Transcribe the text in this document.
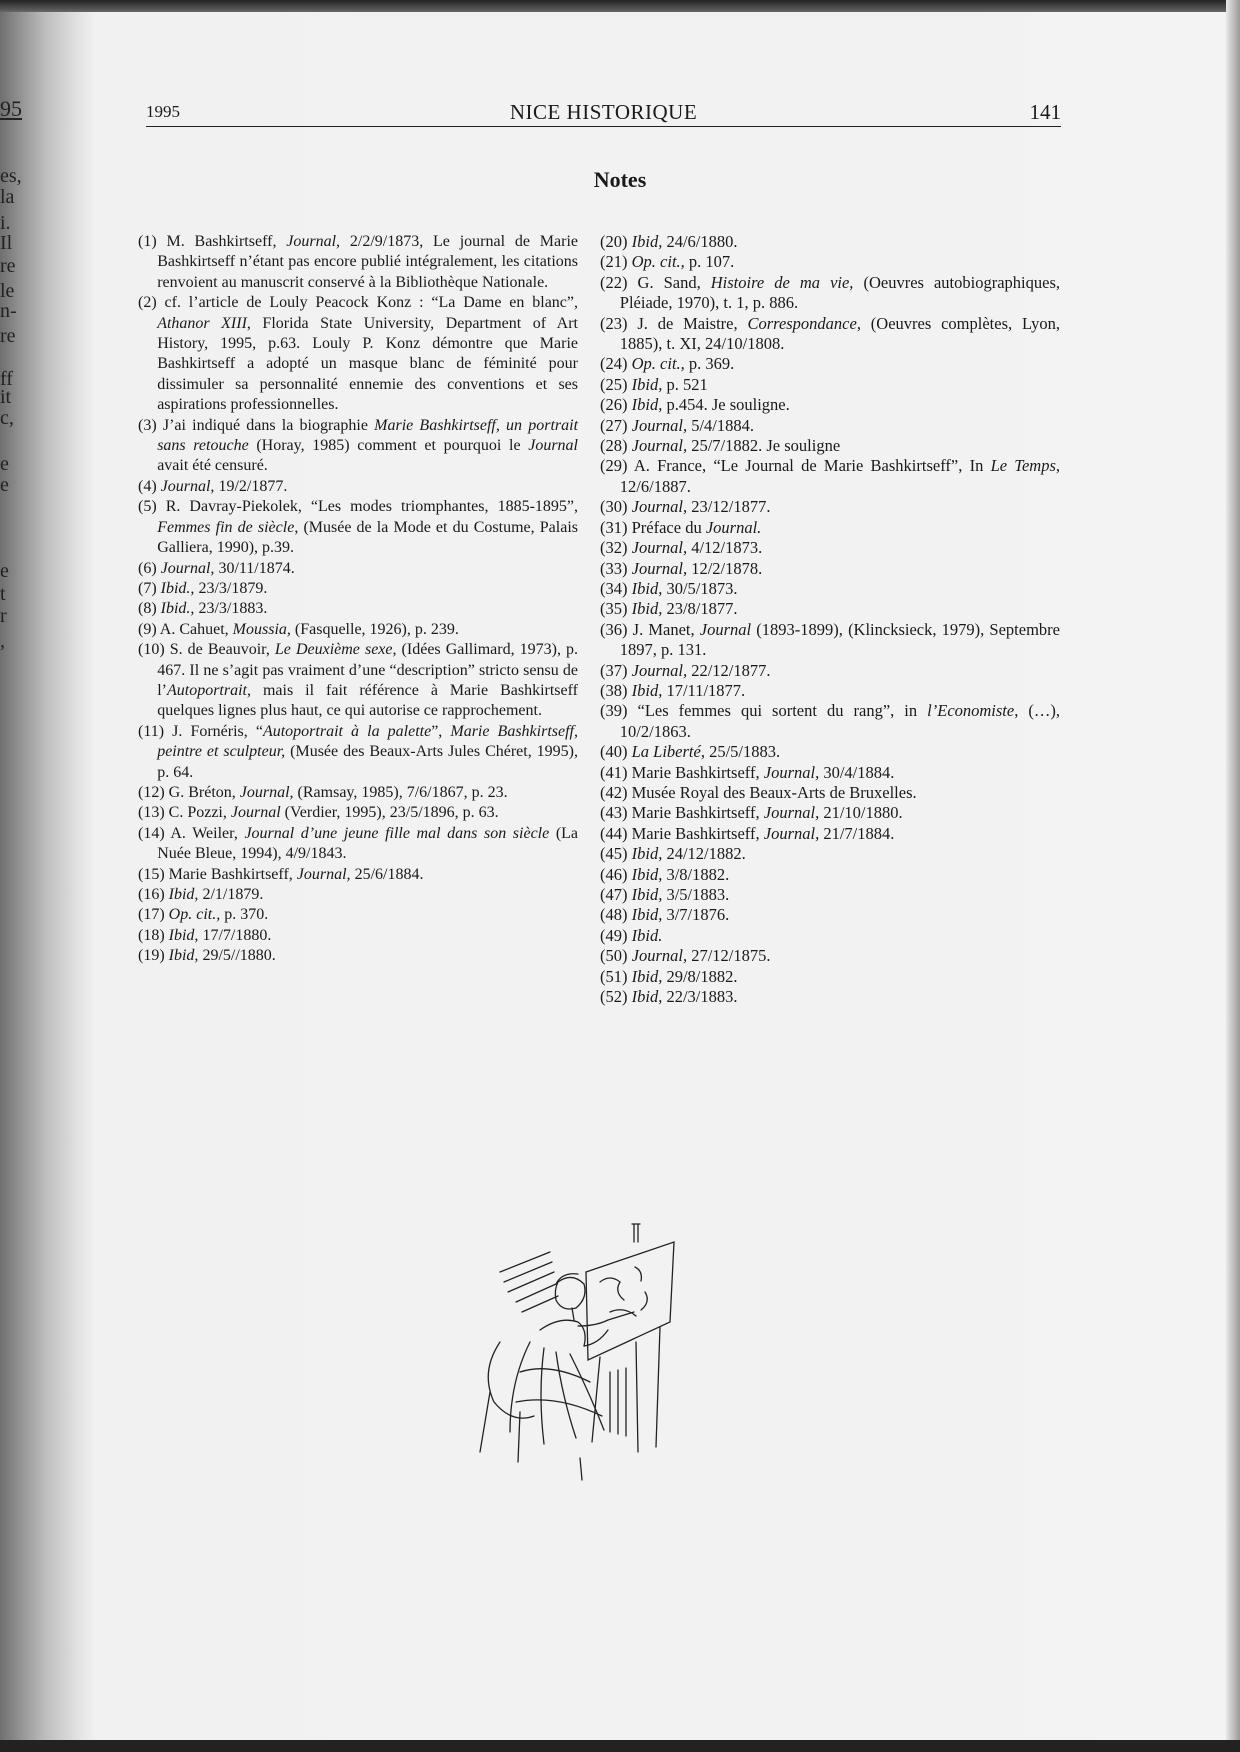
95
es,
la
i.
Il
re
le
n-
re
ff
it
c,
e
e
e
t
r
,
1995	NICE HISTORIQUE	141
Notes
(1) M. Bashkirtseff, Journal, 2/2/9/1873, Le journal de Marie Bashkirtseff n’étant pas encore publié intégralement, les citations renvoient au manuscrit conservé à la Bibliothèque Nationale.
(2) cf. l’article de Louly Peacock Konz : “La Dame en blanc”, Athanor XIII, Florida State University, Department of Art History, 1995, p.63. Louly P. Konz démontre que Marie Bashkirtseff a adopté un masque blanc de féminité pour dissimuler sa personnalité ennemie des conventions et ses aspirations professionnelles.
(3) J’ai indiqué dans la biographie Marie Bashkirtseff, un portrait sans retouche (Horay, 1985) comment et pourquoi le Journal avait été censuré.
(4) Journal, 19/2/1877.
(5) R. Davray-Piekolek, “Les modes triomphantes, 1885-1895”, Femmes fin de siècle, (Musée de la Mode et du Costume, Palais Galliera, 1990), p.39.
(6) Journal, 30/11/1874.
(7) Ibid., 23/3/1879.
(8) Ibid., 23/3/1883.
(9) A. Cahuet, Moussia, (Fasquelle, 1926), p. 239.
(10) S. de Beauvoir, Le Deuxième sexe, (Idées Gallimard, 1973), p. 467. Il ne s’agit pas vraiment d’une “description” stricto sensu de l’Autoportrait, mais il fait référence à Marie Bashkirtseff quelques lignes plus haut, ce qui autorise ce rapprochement.
(11) J. Fornéris, “Autoportrait à la palette”, Marie Bashkirtseff, peintre et sculpteur, (Musée des Beaux-Arts Jules Chéret, 1995), p. 64.
(12) G. Bréton, Journal, (Ramsay, 1985), 7/6/1867, p. 23.
(13) C. Pozzi, Journal (Verdier, 1995), 23/5/1896, p. 63.
(14) A. Weiler, Journal d’une jeune fille mal dans son siècle (La Nuée Bleue, 1994), 4/9/1843.
(15) Marie Bashkirtseff, Journal, 25/6/1884.
(16) Ibid, 2/1/1879.
(17) Op. cit., p. 370.
(18) Ibid, 17/7/1880.
(19) Ibid, 29/5//1880.
(20) Ibid, 24/6/1880.
(21) Op. cit., p. 107.
(22) G. Sand, Histoire de ma vie, (Oeuvres autobiographiques, Pléiade, 1970), t. 1, p. 886.
(23) J. de Maistre, Correspondance, (Oeuvres complètes, Lyon, 1885), t. XI, 24/10/1808.
(24) Op. cit., p. 369.
(25) Ibid, p. 521
(26) Ibid, p.454. Je souligne.
(27) Journal, 5/4/1884.
(28) Journal, 25/7/1882. Je souligne
(29) A. France, “Le Journal de Marie Bashkirtseff”, In Le Temps, 12/6/1887.
(30) Journal, 23/12/1877.
(31) Préface du Journal.
(32) Journal, 4/12/1873.
(33) Journal, 12/2/1878.
(34) Ibid, 30/5/1873.
(35) Ibid, 23/8/1877.
(36) J. Manet, Journal (1893-1899), (Klincksieck, 1979), Septembre 1897, p. 131.
(37) Journal, 22/12/1877.
(38) Ibid, 17/11/1877.
(39) “Les femmes qui sortent du rang”, in l’Economiste, (…), 10/2/1863.
(40) La Liberté, 25/5/1883.
(41) Marie Bashkirtseff, Journal, 30/4/1884.
(42) Musée Royal des Beaux-Arts de Bruxelles.
(43) Marie Bashkirtseff, Journal, 21/10/1880.
(44) Marie Bashkirtseff, Journal, 21/7/1884.
(45) Ibid, 24/12/1882.
(46) Ibid, 3/8/1882.
(47) Ibid, 3/5/1883.
(48) Ibid, 3/7/1876.
(49) Ibid.
(50) Journal, 27/12/1875.
(51) Ibid, 29/8/1882.
(52) Ibid, 22/3/1883.
